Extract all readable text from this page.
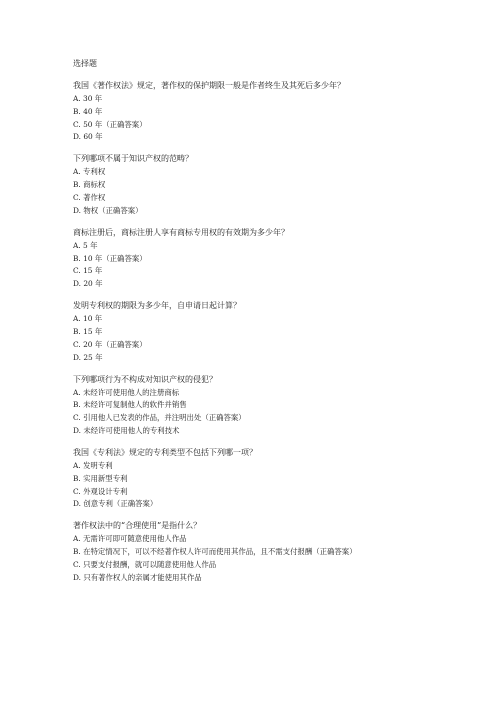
选择题
我国《著作权法》规定，著作权的保护期限一般是作者终生及其死后多少年？
A. 30 年
B. 40 年
C. 50 年（正确答案）
D. 60 年
下列哪项不属于知识产权的范畴？
A. 专利权
B. 商标权
C. 著作权
D. 物权（正确答案）
商标注册后，商标注册人享有商标专用权的有效期为多少年？
A. 5 年
B. 10 年（正确答案）
C. 15 年
D. 20 年
发明专利权的期限为多少年，自申请日起计算？
A. 10 年
B. 15 年
C. 20 年（正确答案）
D. 25 年
下列哪项行为不构成对知识产权的侵犯？
A. 未经许可使用他人的注册商标
B. 未经许可复制他人的软件并销售
C. 引用他人已发表的作品，并注明出处（正确答案）
D. 未经许可使用他人的专利技术
我国《专利法》规定的专利类型不包括下列哪一项？
A. 发明专利
B. 实用新型专利
C. 外观设计专利
D. 创意专利（正确答案）
著作权法中的“合理使用”是指什么？
A. 无需许可即可随意使用他人作品
B. 在特定情况下，可以不经著作权人许可而使用其作品，且不需支付报酬（正确答案）
C. 只要支付报酬，就可以随意使用他人作品
D. 只有著作权人的亲属才能使用其作品
